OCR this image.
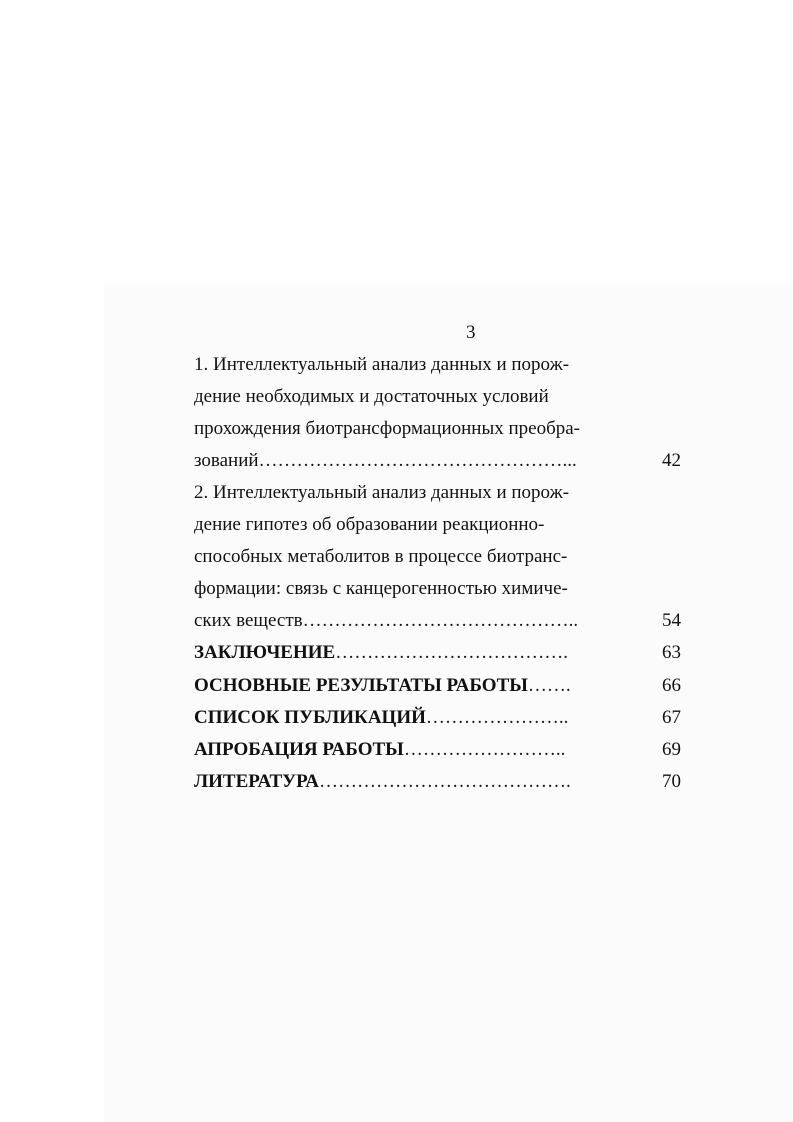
3
1. Интеллектуальный анализ данных и порож-
дение необходимых и достаточных условий
прохождения биотрансформационных преобра-
зований…………………………………………...	42
2. Интеллектуальный анализ данных и порож-
дение гипотез об образовании реакционно-
способных метаболитов в процессе биотранс-
формации: связь с канцерогенностью химиче-
ских веществ……………………………………..	54
ЗАКЛЮЧЕНИЕ……………………………….	63
ОСНОВНЫЕ РЕЗУЛЬТАТЫ РАБОТЫ…….	66
СПИСОК ПУБЛИКАЦИЙ…………………..	67
АПРОБАЦИЯ РАБОТЫ……………………..	69
ЛИТЕРАТУРА………………………………….	70
